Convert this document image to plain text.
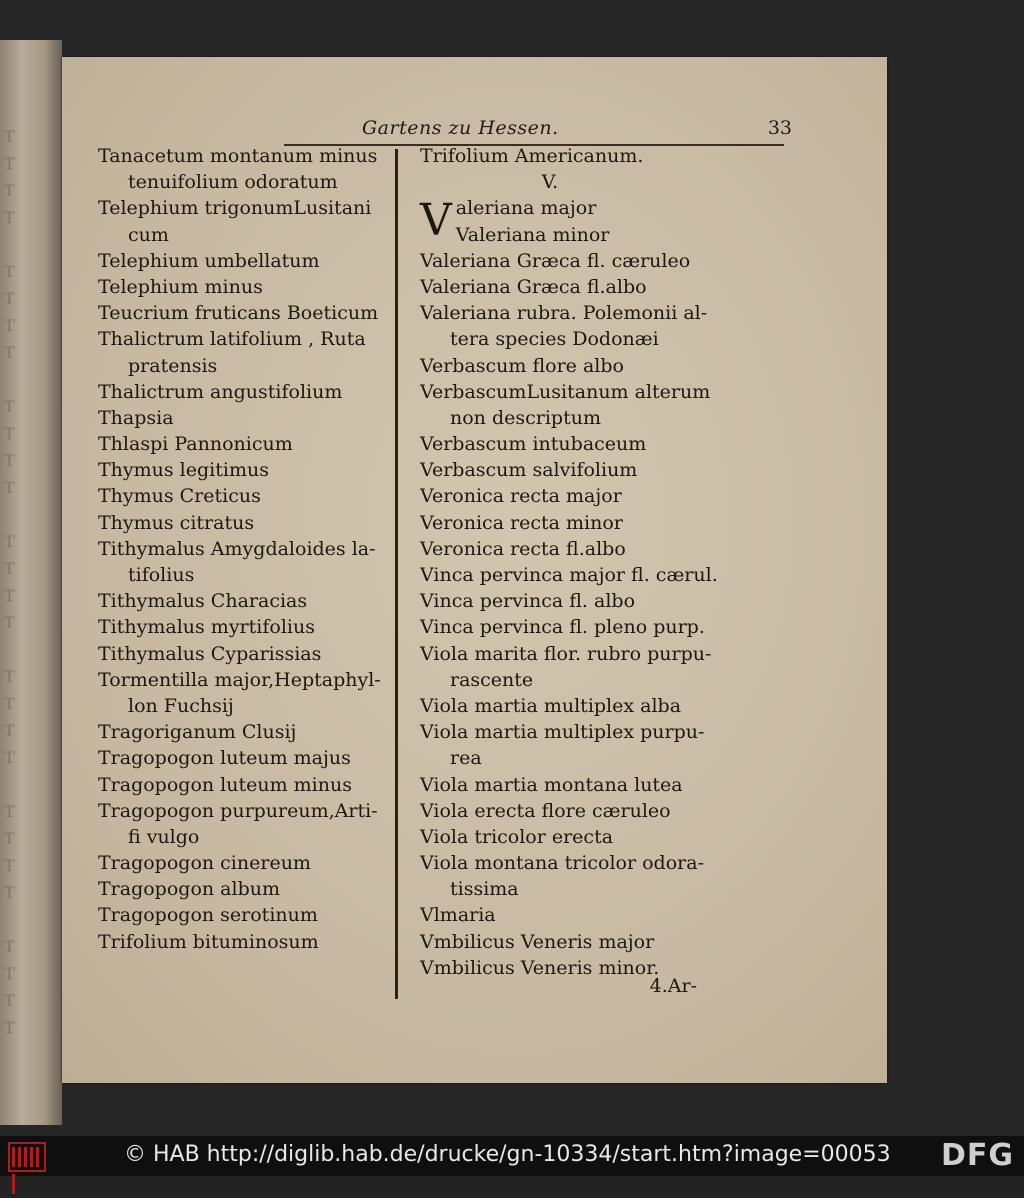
T
T
T
T
T
T
T
T
T
T
T
T
T
T
T
T
T
T
T
T
T
T
T
T
T
T
T
T
Gartens zu Hessen.	33
Tanacetum montanum minus
tenuifolium odoratum
Telephium trigonumLusitani
cum
Telephium umbellatum
Telephium minus
Teucrium fruticans Boeticum
Thalictrum latifolium , Ruta
pratensis
Thalictrum angustifolium
Thapsia
Thlaspi Pannonicum
Thymus legitimus
Thymus Creticus
Thymus citratus
Tithymalus Amygdaloides la-
tifolius
Tithymalus Characias
Tithymalus myrtifolius
Tithymalus Cyparissias
Tormentilla major,Heptaphyl-
lon Fuchsij
Tragoriganum Clusij
Tragopogon luteum majus
Tragopogon luteum minus
Tragopogon purpureum,Arti-
fi vulgo
Tragopogon cinereum
Tragopogon album
Tragopogon serotinum
Trifolium bituminosum
Trifolium Americanum.
V.
V aleriana major
Valeriana minor
Valeriana Græca fl. cæruleo
Valeriana Græca fl.albo
Valeriana rubra. Polemonii al-
tera species Dodonæi
Verbascum flore albo
VerbascumLusitanum alterum
non descriptum
Verbascum intubaceum
Verbascum salvifolium
Veronica recta major
Veronica recta minor
Veronica recta fl.albo
Vinca pervinca major fl. cærul.
Vinca pervinca fl. albo
Vinca pervinca fl. pleno purp.
Viola marita flor. rubro purpu-
rascente
Viola martia multiplex alba
Viola martia multiplex purpu-
rea
Viola martia montana lutea
Viola erecta flore cæruleo
Viola tricolor erecta
Viola montana tricolor odora-
tissima
Vlmaria
Vmbilicus Veneris major
Vmbilicus Veneris minor.
4.Ar-
© HAB http://diglib.hab.de/drucke/gn-10334/start.htm?image=00053 DFG
